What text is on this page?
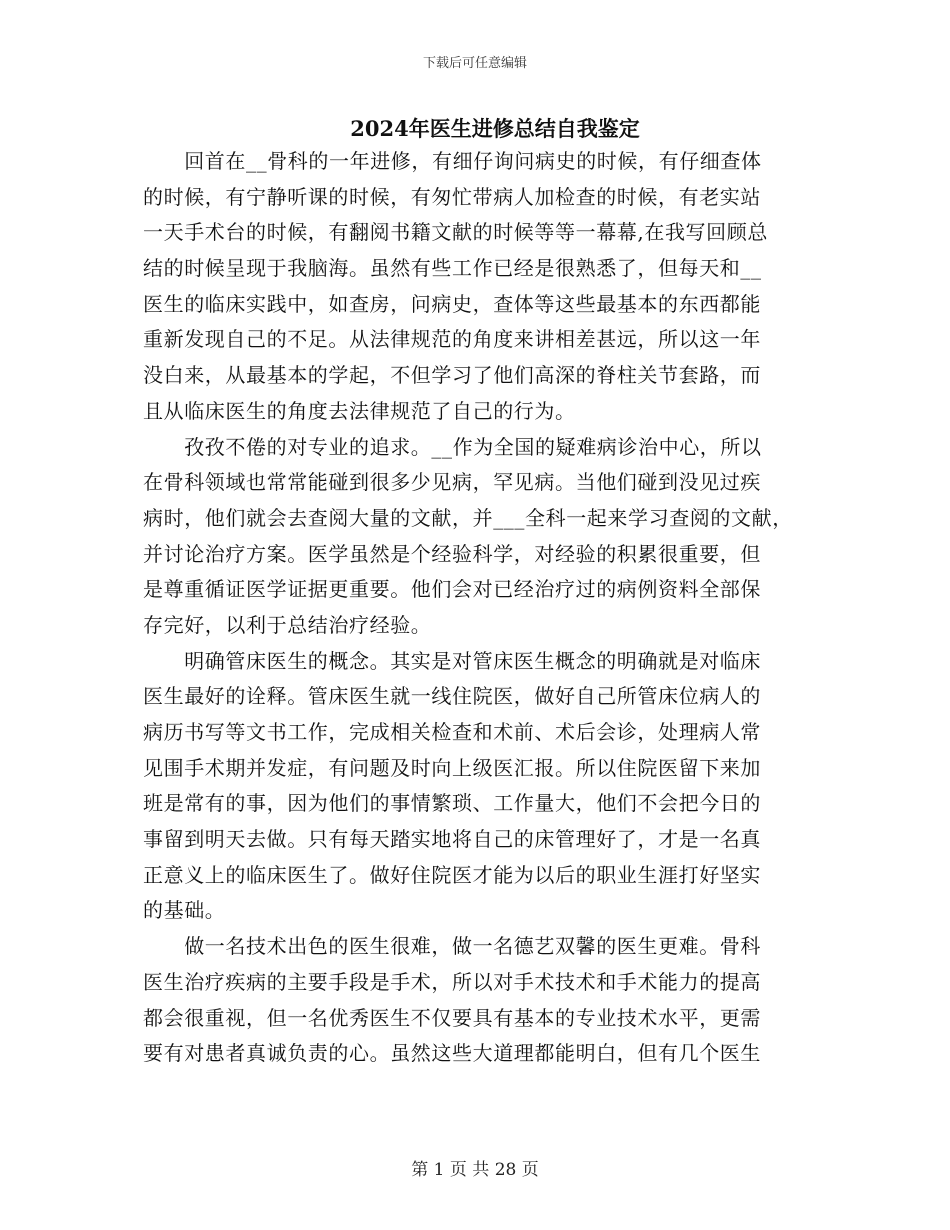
下载后可任意编辑
2024年医生进修总结自我鉴定
　　回首在__骨科的一年进修，有细仔询问病史的时候，有仔细查体
的时候，有宁静听课的时候，有匆忙带病人加检查的时候，有老实站
一天手术台的时候，有翻阅书籍文献的时候等等一幕幕,在我写回顾总
结的时候呈现于我脑海。虽然有些工作已经是很熟悉了，但每天和__
医生的临床实践中，如查房，问病史，查体等这些最基本的东西都能
重新发现自己的不足。从法律规范的角度来讲相差甚远，所以这一年
没白来，从最基本的学起，不但学习了他们高深的脊柱关节套路，而
且从临床医生的角度去法律规范了自己的行为。
　　孜孜不倦的对专业的追求。__作为全国的疑难病诊治中心，所以
在骨科领域也常常能碰到很多少见病，罕见病。当他们碰到没见过疾
病时，他们就会去查阅大量的文献，并___全科一起来学习查阅的文献，
并讨论治疗方案。医学虽然是个经验科学，对经验的积累很重要，但
是尊重循证医学证据更重要。他们会对已经治疗过的病例资料全部保
存完好，以利于总结治疗经验。
　　明确管床医生的概念。其实是对管床医生概念的明确就是对临床
医生最好的诠释。管床医生就一线住院医，做好自己所管床位病人的
病历书写等文书工作，完成相关检查和术前、术后会诊，处理病人常
见围手术期并发症，有问题及时向上级医汇报。所以住院医留下来加
班是常有的事，因为他们的事情繁琐、工作量大，他们不会把今日的
事留到明天去做。只有每天踏实地将自己的床管理好了，才是一名真
正意义上的临床医生了。做好住院医才能为以后的职业生涯打好坚实
的基础。
　　做一名技术出色的医生很难，做一名德艺双馨的医生更难。骨科
医生治疗疾病的主要手段是手术，所以对手术技术和手术能力的提高
都会很重视，但一名优秀医生不仅要具有基本的专业技术水平，更需
要有对患者真诚负责的心。虽然这些大道理都能明白，但有几个医生
第 1 页 共 28 页
